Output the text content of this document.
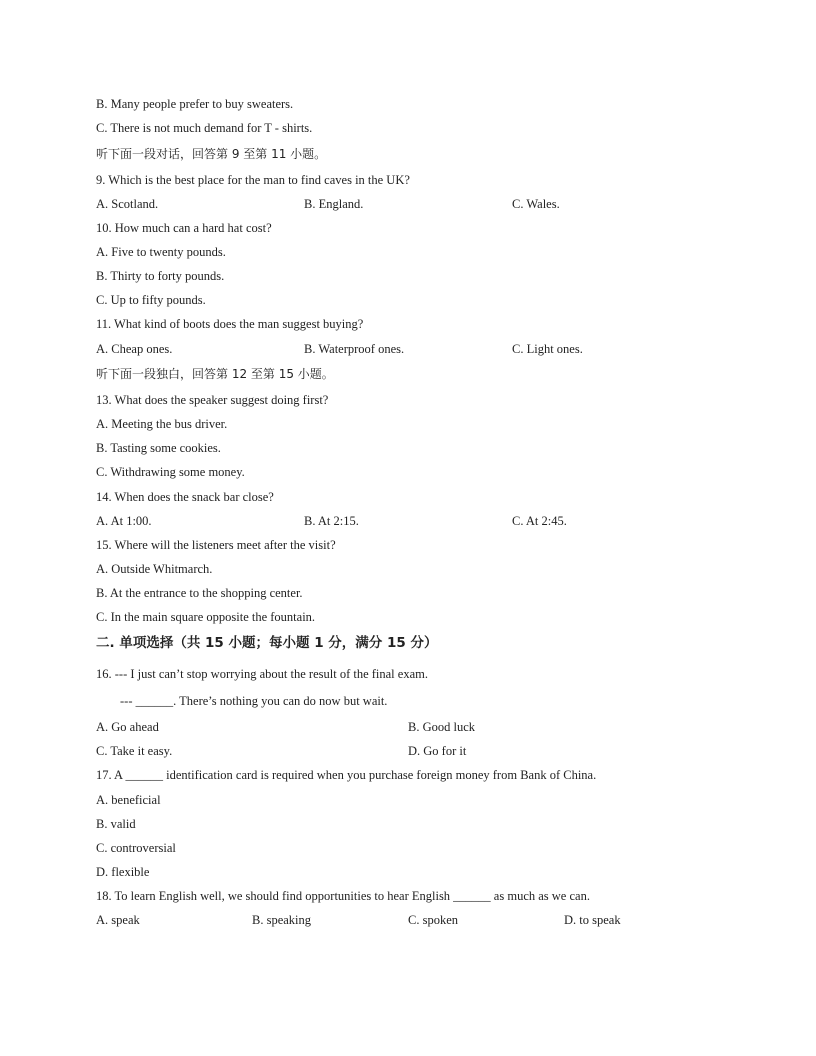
B. Many people prefer to buy sweaters.
C. There is not much demand for T - shirts.
听下面一段对话，回答第 9 至第 11 小题。
9. Which is the best place for the man to find caves in the UK?
A. Scotland.	B. England.	C. Wales.
10. How much can a hard hat cost?
A. Five to twenty pounds.
B. Thirty to forty pounds.
C. Up to fifty pounds.
11. What kind of boots does the man suggest buying?
A. Cheap ones.	B. Waterproof ones.	C. Light ones.
听下面一段独白，回答第 12 至第 15 小题。
13. What does the speaker suggest doing first?
A. Meeting the bus driver.
B. Tasting some cookies.
C. Withdrawing some money.
14. When does the snack bar close?
A. At 1:00.	B. At 2:15.	C. At 2:45.
15. Where will the listeners meet after the visit?
A. Outside Whitmarch.
B. At the entrance to the shopping center.
C. In the main square opposite the fountain.
二. 单项选择（共 15 小题；每小题 1 分，满分 15 分）
16. --- I just can’t stop worrying about the result of the final exam.
--- ______. There’s nothing you can do now but wait.
A. Go ahead	B. Good luck
C. Take it easy.	D. Go for it
17. A ______ identification card is required when you purchase foreign money from Bank of China.
A. beneficial
B. valid
C. controversial
D. flexible
18. To learn English well, we should find opportunities to hear English ______ as much as we can.
A. speak	B. speaking	C. spoken	D. to speak
